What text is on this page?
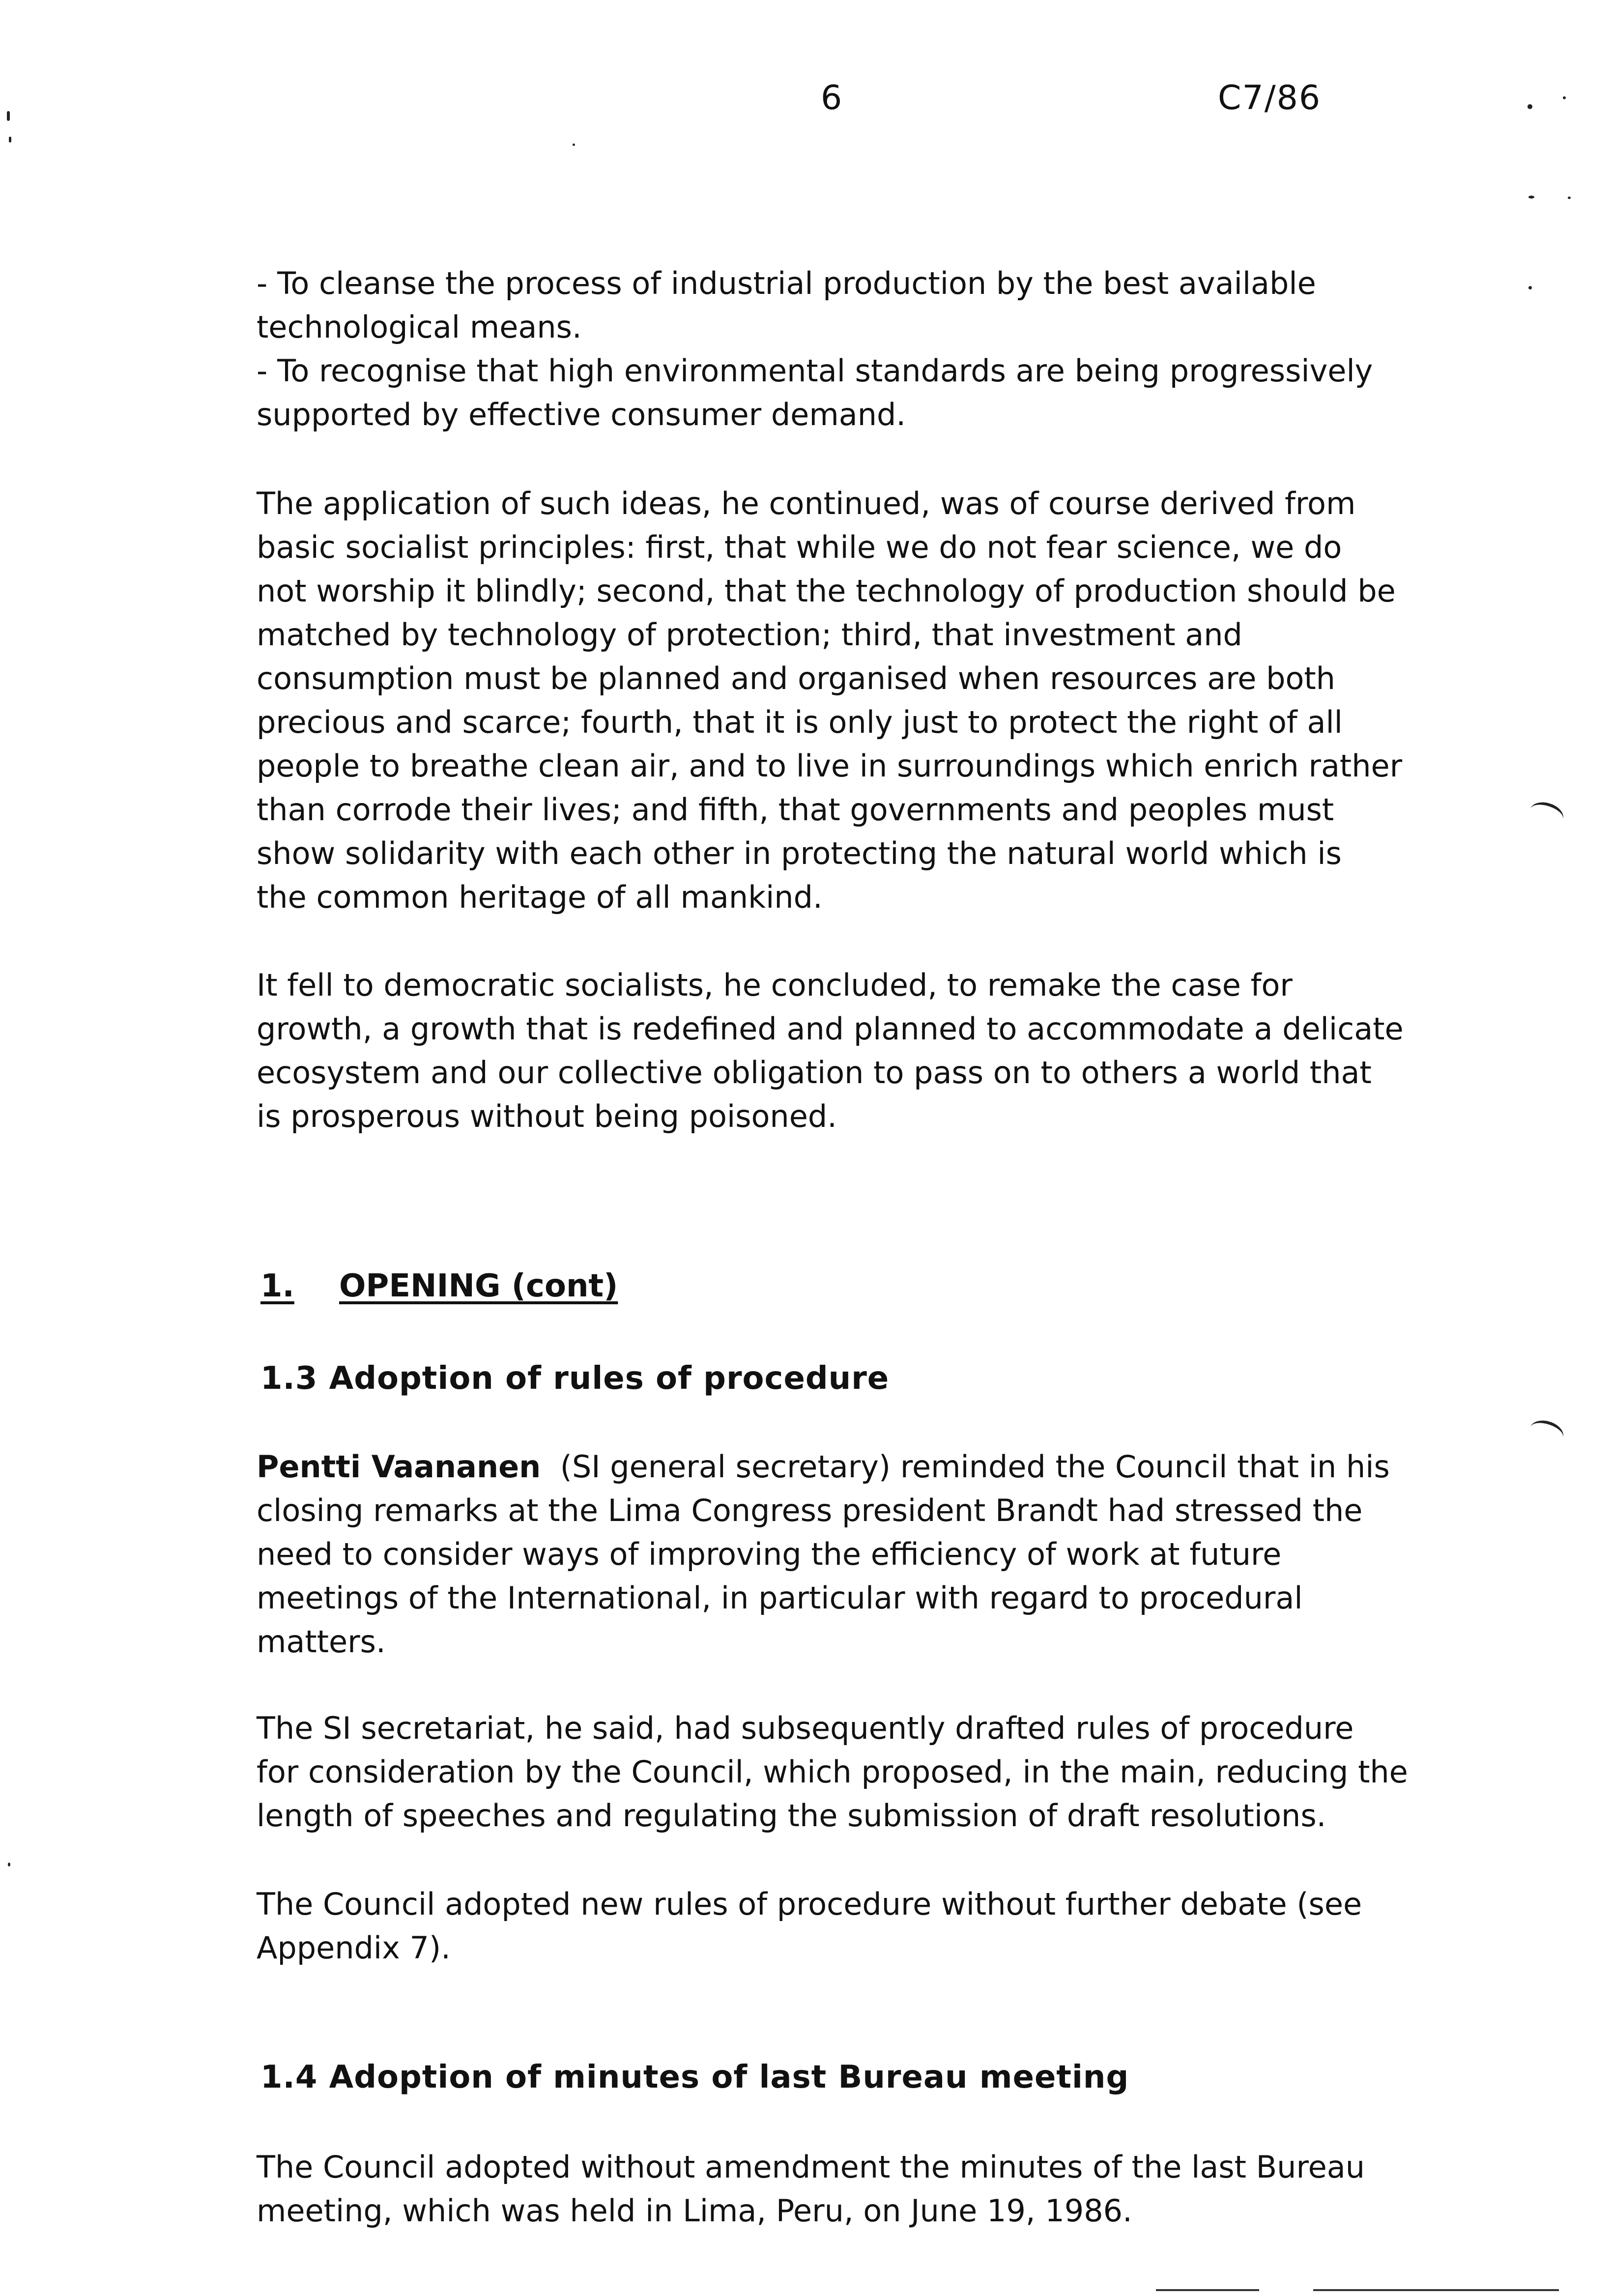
6	C7/86
- To cleanse the process of industrial production by the best available
technological means.
- To recognise that high environmental standards are being progressively
supported by effective consumer demand.
The application of such ideas, he continued, was of course derived from
basic socialist principles: first, that while we do not fear science, we do
not worship it blindly; second, that the technology of production should be
matched by technology of protection; third, that investment and
consumption must be planned and organised when resources are both
precious and scarce; fourth, that it is only just to protect the right of all
people to breathe clean air, and to live in surroundings which enrich rather
than corrode their lives; and fifth, that governments and peoples must
show solidarity with each other in protecting the natural world which is
the common heritage of all mankind.
It fell to democratic socialists, he concluded, to remake the case for
growth, a growth that is redefined and planned to accommodate a delicate
ecosystem and our collective obligation to pass on to others a world that
is prosperous without being poisoned.
1. OPENING (cont)
1.3 Adoption of rules of procedure
Pentti Vaananen (SI general secretary) reminded the Council that in his
closing remarks at the Lima Congress president Brandt had stressed the
need to consider ways of improving the efficiency of work at future
meetings of the International, in particular with regard to procedural
matters.
The SI secretariat, he said, had subsequently drafted rules of procedure
for consideration by the Council, which proposed, in the main, reducing the
length of speeches and regulating the submission of draft resolutions.
The Council adopted new rules of procedure without further debate (see
Appendix 7).
1.4 Adoption of minutes of last Bureau meeting
The Council adopted without amendment the minutes of the last Bureau
meeting, which was held in Lima, Peru, on June 19, 1986.
